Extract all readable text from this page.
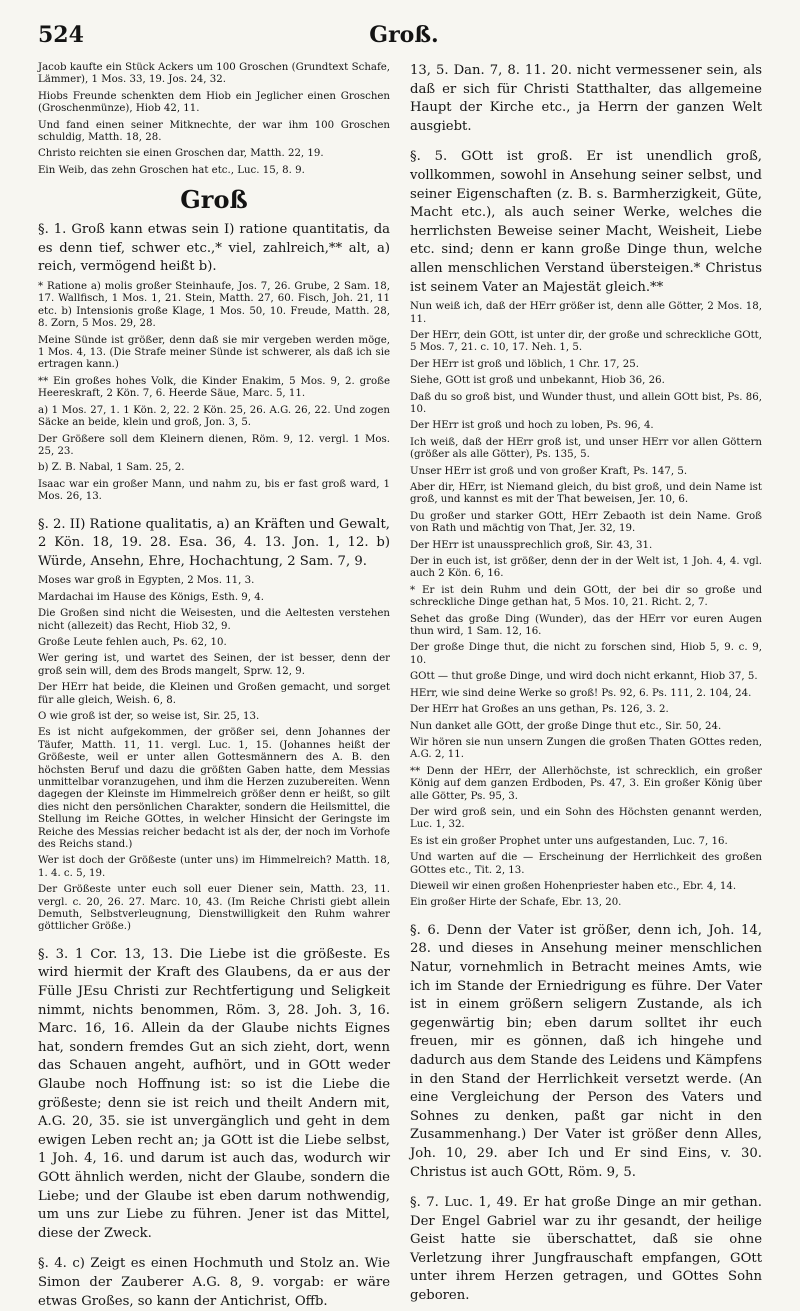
Groß.
524

Jacob kaufte ein Stück Ackers um 100 Groschen (Grundtext Schafe, Lämmer), 1 Mos. 33, 19. Jos. 24, 32.

Hiobs Freunde schenkten dem Hiob ein Jeglicher einen Groschen (Groschenmünze), Hiob 42, 11.

Und fand einen seiner Mitknechte, der war ihm 100 Groschen schuldig, Matth. 18, 28.

Christo reichten sie einen Groschen dar, Matth. 22, 19.

Ein Weib, das zehn Groschen hat etc., Luc. 15, 8. 9.

Groß

§. 1. Groß kann etwas sein I) ratione quantitatis, da es denn tief, schwer etc.,* viel, zahlreich,** alt, a) reich, vermögend heißt b).

* Ratione a) molis großer Steinhaufe, Jos. 7, 26. Grube, 2 Sam. 18, 17. Wallfisch, 1 Mos. 1, 21. Stein, Matth. 27, 60. Fisch, Joh. 21, 11 etc. b) Intensionis große Klage, 1 Mos. 50, 10. Freude, Matth. 28, 8. Zorn, 5 Mos. 29, 28.

Meine Sünde ist größer, denn daß sie mir vergeben werden möge, 1 Mos. 4, 13. (Die Strafe meiner Sünde ist schwerer, als daß ich sie ertragen kann.)

** Ein großes hohes Volk, die Kinder Enakim, 5 Mos. 9, 2. große Heereskraft, 2 Kön. 7, 6. Heerde Säue, Marc. 5, 11.

a) 1 Mos. 27, 1. 1 Kön. 2, 22. 2 Kön. 25, 26. A.G. 26, 22. Und zogen Säcke an beide, klein und groß, Jon. 3, 5.

Der Größere soll dem Kleinern dienen, Röm. 9, 12. vergl. 1 Mos. 25, 23.

b) Z. B. Nabal, 1 Sam. 25, 2.

Isaac war ein großer Mann, und nahm zu, bis er fast groß ward, 1 Mos. 26, 13.

§. 2. II) Ratione qualitatis, a) an Kräften und Gewalt, 2 Kön. 18, 19. 28. Esa. 36, 4. 13. Jon. 1, 12. b) Würde, Ansehn, Ehre, Hochachtung, 2 Sam. 7, 9.

Moses war groß in Egypten, 2 Mos. 11, 3.

Mardachai im Hause des Königs, Esth. 9, 4.

Die Großen sind nicht die Weisesten, und die Aeltesten verstehen nicht (allezeit) das Recht, Hiob 32, 9.

Große Leute fehlen auch, Ps. 62, 10.

Wer gering ist, und wartet des Seinen, der ist besser, denn der groß sein will, dem des Brods mangelt, Sprw. 12, 9.

Der HErr hat beide, die Kleinen und Großen gemacht, und sorget für alle gleich, Weish. 6, 8.

O wie groß ist der, so weise ist, Sir. 25, 13.

Es ist nicht aufgekommen, der größer sei, denn Johannes der Täufer, Matth. 11, 11. vergl. Luc. 1, 15. (Johannes heißt der Größeste, weil er unter allen Gottesmännern des A. B. den höchsten Beruf und dazu die größten Gaben hatte, dem Messias unmittelbar voranzugehen, und ihm die Herzen zuzubereiten. Wenn dagegen der Kleinste im Himmelreich größer denn er heißt, so gilt dies nicht den persönlichen Charakter, sondern die Heilsmittel, die Stellung im Reiche GOttes, in welcher Hinsicht der Geringste im Reiche des Messias reicher bedacht ist als der, der noch im Vorhofe des Reichs stand.)

Wer ist doch der Größeste (unter uns) im Himmelreich? Matth. 18, 1. 4. c. 5, 19.

Der Größeste unter euch soll euer Diener sein, Matth. 23, 11. vergl. c. 20, 26. 27. Marc. 10, 43. (Im Reiche Christi giebt allein Demuth, Selbstverleugnung, Dienstwilligkeit den Ruhm wahrer göttlicher Größe.)

§. 3. 1 Cor. 13, 13. Die Liebe ist die größeste. Es wird hiermit der Kraft des Glaubens, da er aus der Fülle JEsu Christi zur Rechtfertigung und Seligkeit nimmt, nichts benommen, Röm. 3, 28. Joh. 3, 16. Marc. 16, 16. Allein da der Glaube nichts Eignes hat, sondern fremdes Gut an sich zieht, dort, wenn das Schauen angeht, aufhört, und in GOtt weder Glaube noch Hoffnung ist: so ist die Liebe die größeste; denn sie ist reich und theilt Andern mit, A.G. 20, 35. sie ist unvergänglich und geht in dem ewigen Leben recht an; ja GOtt ist die Liebe selbst, 1 Joh. 4, 16. und darum ist auch das, wodurch wir GOtt ähnlich werden, nicht der Glaube, sondern die Liebe; und der Glaube ist eben darum nothwendig, um uns zur Liebe zu führen. Jener ist das Mittel, diese der Zweck.

§. 4. c) Zeigt es einen Hochmuth und Stolz an. Wie Simon der Zauberer A.G. 8, 9. vorgab: er wäre etwas Großes, so kann der Antichrist, Offb.

13, 5. Dan. 7, 8. 11. 20. nicht vermessener sein, als daß er sich für Christi Statthalter, das allgemeine Haupt der Kirche etc., ja Herrn der ganzen Welt ausgiebt.

§. 5. GOtt ist groß. Er ist unendlich groß, vollkommen, sowohl in Ansehung seiner selbst, und seiner Eigenschaften (z. B. s. Barmherzigkeit, Güte, Macht etc.), als auch seiner Werke, welches die herrlichsten Beweise seiner Macht, Weisheit, Liebe etc. sind; denn er kann große Dinge thun, welche allen menschlichen Verstand übersteigen.* Christus ist seinem Vater an Majestät gleich.**

Nun weiß ich, daß der HErr größer ist, denn alle Götter, 2 Mos. 18, 11.

Der HErr, dein GOtt, ist unter dir, der große und schreckliche GOtt, 5 Mos. 7, 21. c. 10, 17. Neh. 1, 5.

Der HErr ist groß und löblich, 1 Chr. 17, 25.

Siehe, GOtt ist groß und unbekannt, Hiob 36, 26.

Daß du so groß bist, und Wunder thust, und allein GOtt bist, Ps. 86, 10.

Der HErr ist groß und hoch zu loben, Ps. 96, 4.

Ich weiß, daß der HErr groß ist, und unser HErr vor allen Göttern (größer als alle Götter), Ps. 135, 5.

Unser HErr ist groß und von großer Kraft, Ps. 147, 5.

Aber dir, HErr, ist Niemand gleich, du bist groß, und dein Name ist groß, und kannst es mit der That beweisen, Jer. 10, 6.

Du großer und starker GOtt, HErr Zebaoth ist dein Name. Groß von Rath und mächtig von That, Jer. 32, 19.

Der HErr ist unaussprechlich groß, Sir. 43, 31.

Der in euch ist, ist größer, denn der in der Welt ist, 1 Joh. 4, 4. vgl. auch 2 Kön. 6, 16.

* Er ist dein Ruhm und dein GOtt, der bei dir so große und schreckliche Dinge gethan hat, 5 Mos. 10, 21. Richt. 2, 7.

Sehet das große Ding (Wunder), das der HErr vor euren Augen thun wird, 1 Sam. 12, 16.

Der große Dinge thut, die nicht zu forschen sind, Hiob 5, 9. c. 9, 10.

GOtt — thut große Dinge, und wird doch nicht erkannt, Hiob 37, 5.

HErr, wie sind deine Werke so groß! Ps. 92, 6. Ps. 111, 2. 104, 24.

Der HErr hat Großes an uns gethan, Ps. 126, 3. 2.

Nun danket alle GOtt, der große Dinge thut etc., Sir. 50, 24.

Wir hören sie nun unsern Zungen die großen Thaten GOttes reden, A.G. 2, 11.

** Denn der HErr, der Allerhöchste, ist schrecklich, ein großer König auf dem ganzen Erdboden, Ps. 47, 3. Ein großer König über alle Götter, Ps. 95, 3.

Der wird groß sein, und ein Sohn des Höchsten genannt werden, Luc. 1, 32.

Es ist ein großer Prophet unter uns aufgestanden, Luc. 7, 16.

Und warten auf die — Erscheinung der Herrlichkeit des großen GOttes etc., Tit. 2, 13.

Dieweil wir einen großen Hohenpriester haben etc., Ebr. 4, 14.

Ein großer Hirte der Schafe, Ebr. 13, 20.

§. 6. Denn der Vater ist größer, denn ich, Joh. 14, 28. und dieses in Ansehung meiner menschlichen Natur, vornehmlich in Betracht meines Amts, wie ich im Stande der Erniedrigung es führe. Der Vater ist in einem größern seligern Zustande, als ich gegenwärtig bin; eben darum solltet ihr euch freuen, mir es gönnen, daß ich hingehe und dadurch aus dem Stande des Leidens und Kämpfens in den Stand der Herrlichkeit versetzt werde. (An eine Vergleichung der Person des Vaters und Sohnes zu denken, paßt gar nicht in den Zusammenhang.) Der Vater ist größer denn Alles, Joh. 10, 29. aber Ich und Er sind Eins, v. 30. Christus ist auch GOtt, Röm. 9, 5.

§. 7. Luc. 1, 49. Er hat große Dinge an mir gethan. Der Engel Gabriel war zu ihr gesandt, der heilige Geist hatte sie überschattet, daß sie ohne Verletzung ihrer Jungfrauschaft empfangen, GOtt unter ihrem Herzen getragen, und GOttes Sohn geboren.
